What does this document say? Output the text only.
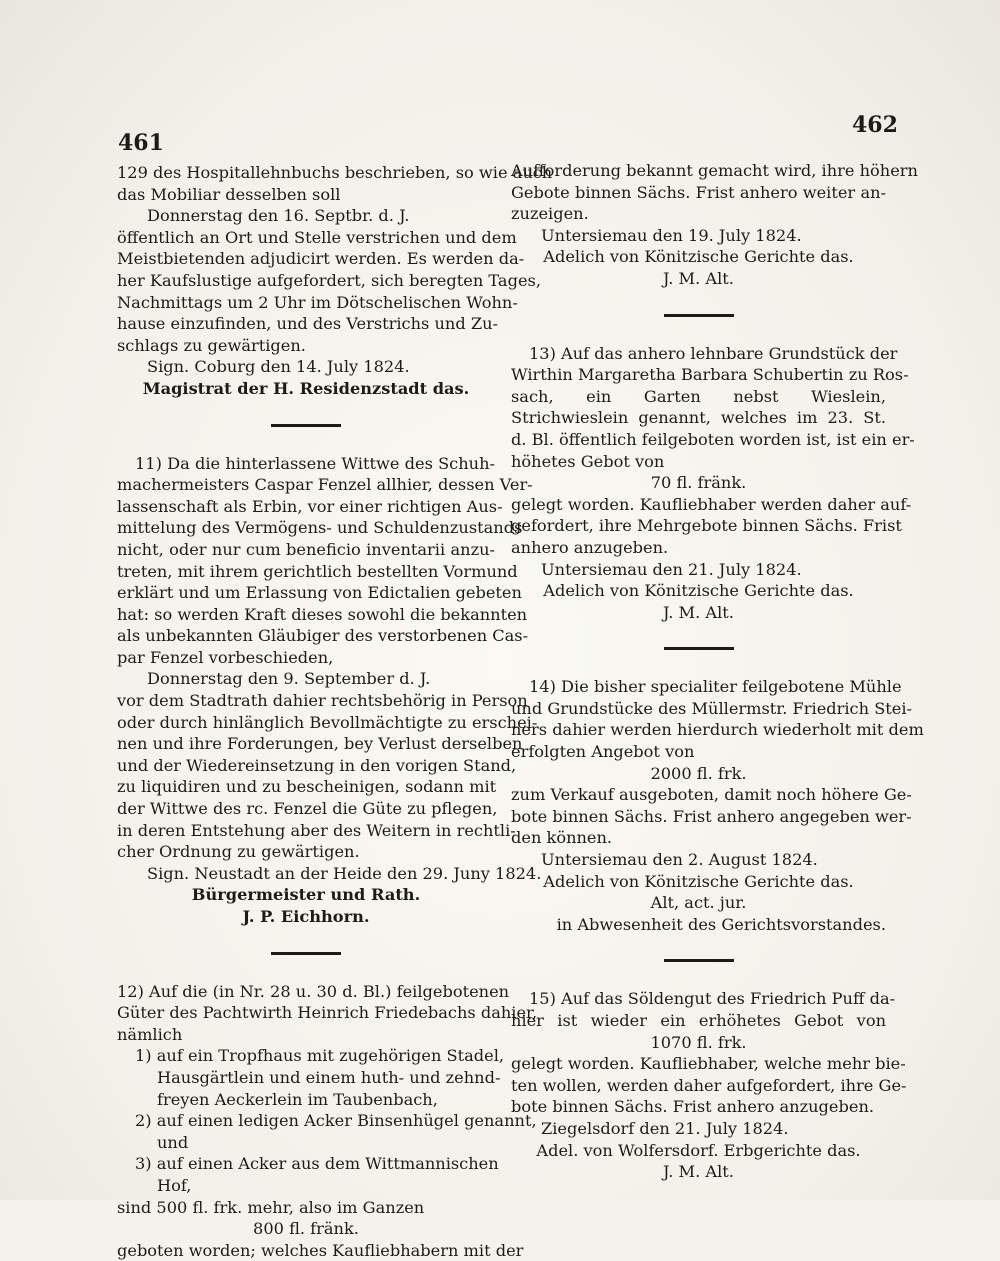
461
462
129 des Hospitallehnbuchs beschrieben, so wie auch
das Mobiliar desselben soll
Donnerstag den 16. Septbr. d. J.
öffentlich an Ort und Stelle verstrichen und dem
Meistbietenden adjudicirt werden. Es werden da-
her Kaufslustige aufgefordert, sich beregten Tages,
Nachmittags um 2 Uhr im Dötschelischen Wohn-
hause einzufinden, und des Verstrichs und Zu-
schlags zu gewärtigen.
Sign. Coburg den 14. July 1824.
Magistrat der H. Residenzstadt das.
11) Da die hinterlassene Wittwe des Schuh-
machermeisters Caspar Fenzel allhier, dessen Ver-
lassenschaft als Erbin, vor einer richtigen Aus-
mittelung des Vermögens- und Schuldenzustands
nicht, oder nur cum beneficio inventarii anzu-
treten, mit ihrem gerichtlich bestellten Vormund
erklärt und um Erlassung von Edictalien gebeten
hat: so werden Kraft dieses sowohl die bekannten
als unbekannten Gläubiger des verstorbenen Cas-
par Fenzel vorbeschieden,
Donnerstag den 9. September d. J.
vor dem Stadtrath dahier rechtsbehörig in Person
oder durch hinlänglich Bevollmächtigte zu erschei-
nen und ihre Forderungen, bey Verlust derselben
und der Wiedereinsetzung in den vorigen Stand,
zu liquidiren und zu bescheinigen, sodann mit
der Wittwe des rc. Fenzel die Güte zu pflegen,
in deren Entstehung aber des Weitern in rechtli-
cher Ordnung zu gewärtigen.
Sign. Neustadt an der Heide den 29. Juny 1824.
Bürgermeister und Rath.
J. P. Eichhorn.
12) Auf die (in Nr. 28 u. 30 d. Bl.) feilgebotenen
Güter des Pachtwirth Heinrich Friedebachs dahier,
nämlich
1) auf ein Tropfhaus mit zugehörigen Stadel,
Hausgärtlein und einem huth- und zehnd-
freyen Aeckerlein im Taubenbach,
2) auf einen ledigen Acker Binsenhügel genannt,
und
3) auf einen Acker aus dem Wittmannischen
Hof,
sind 500 fl. frk. mehr, also im Ganzen
800 fl. fränk.
geboten worden; welches Kaufliebhabern mit der
Aufforderung bekannt gemacht wird, ihre höhern
Gebote binnen Sächs. Frist anhero weiter an-
zuzeigen.
Untersiemau den 19. July 1824.
Adelich von Könitzische Gerichte das.
J. M. Alt.
13) Auf das anhero lehnbare Grundstück der
Wirthin Margaretha Barbara Schubertin zu Ros-
sach, ein Garten nebst Wieslein,
Strichwieslein genannt, welches im 23. St.
d. Bl. öffentlich feilgeboten worden ist, ist ein er-
höhetes Gebot von
70 fl. fränk.
gelegt worden. Kaufliebhaber werden daher auf-
gefordert, ihre Mehrgebote binnen Sächs. Frist
anhero anzugeben.
Untersiemau den 21. July 1824.
Adelich von Könitzische Gerichte das.
J. M. Alt.
14) Die bisher specialiter feilgebotene Mühle
und Grundstücke des Müllermstr. Friedrich Stei-
ners dahier werden hierdurch wiederholt mit dem
erfolgten Angebot von
2000 fl. frk.
zum Verkauf ausgeboten, damit noch höhere Ge-
bote binnen Sächs. Frist anhero angegeben wer-
den können.
Untersiemau den 2. August 1824.
Adelich von Könitzische Gerichte das.
Alt, act. jur.
in Abwesenheit des Gerichtsvorstandes.
15) Auf das Söldengut des Friedrich Puff da-
hier ist wieder ein erhöhetes Gebot von
1070 fl. frk.
gelegt worden. Kaufliebhaber, welche mehr bie-
ten wollen, werden daher aufgefordert, ihre Ge-
bote binnen Sächs. Frist anhero anzugeben.
Ziegelsdorf den 21. July 1824.
Adel. von Wolfersdorf. Erbgerichte das.
J. M. Alt.
